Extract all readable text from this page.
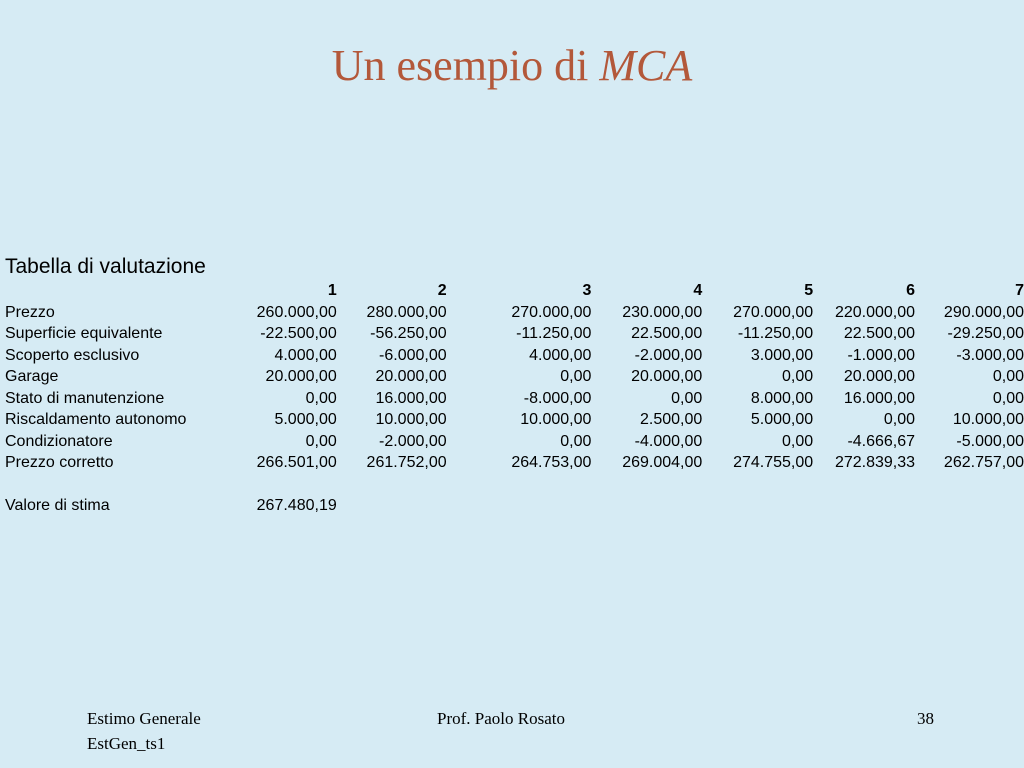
Un esempio di MCA
Tabella di valutazione
	1	2	3	4	5	6	7
Prezzo	260.000,00	280.000,00	270.000,00	230.000,00	270.000,00	220.000,00	290.000,00
Superficie equivalente	-22.500,00	-56.250,00	-11.250,00	22.500,00	-11.250,00	22.500,00	-29.250,00
Scoperto esclusivo	4.000,00	-6.000,00	4.000,00	-2.000,00	3.000,00	-1.000,00	-3.000,00
Garage	20.000,00	20.000,00	0,00	20.000,00	0,00	20.000,00	0,00
Stato di manutenzione	0,00	16.000,00	-8.000,00	0,00	8.000,00	16.000,00	0,00
Riscaldamento autonomo	5.000,00	10.000,00	10.000,00	2.500,00	5.000,00	0,00	10.000,00
Condizionatore	0,00	-2.000,00	0,00	-4.000,00	0,00	-4.666,67	-5.000,00
Prezzo corretto	266.501,00	261.752,00	264.753,00	269.004,00	274.755,00	272.839,33	262.757,00

Valore di stima	267.480,19						
Estimo Generale
EstGen_ts1
Prof. Paolo Rosato	38
